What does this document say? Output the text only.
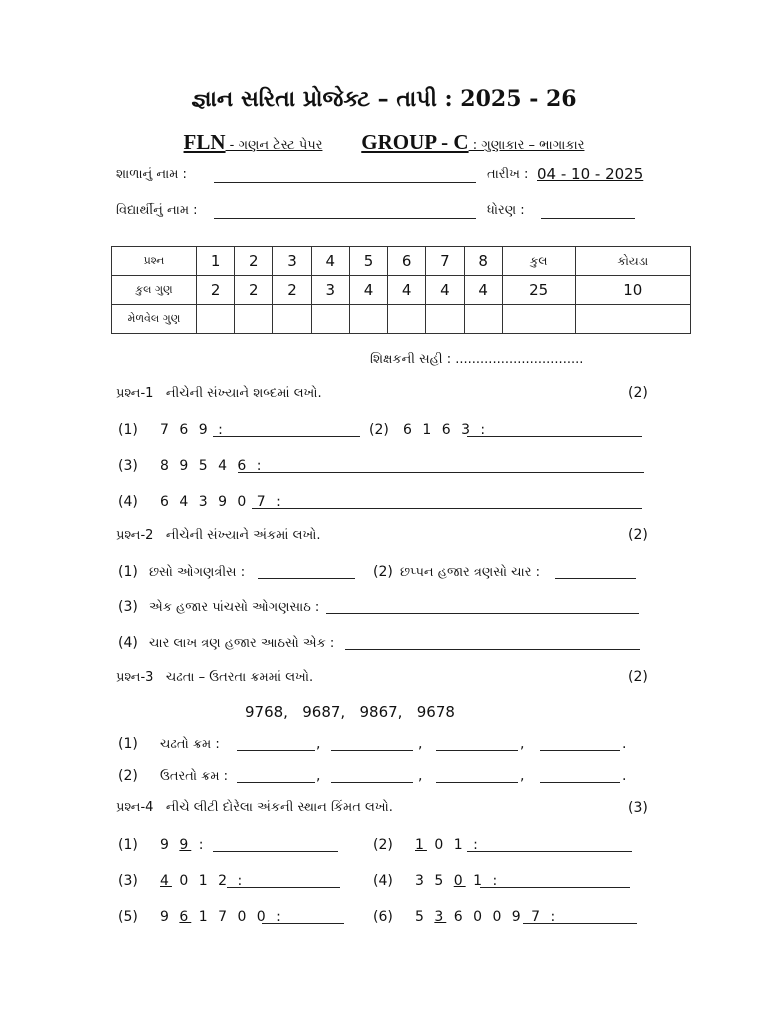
જ્ઞાન સરિતા પ્રોજેક્ટ – તાપી : 2025 - 26
FLN - ગણન ટેસ્ટ પેપર GROUP - C : ગુણાકાર – ભાગાકાર
શાળાનું નામ :	તારીખ : 04 - 10 - 2025
વિદ્યાર્થીનું નામ :	ધોરણ :
પ્રશ્ન	1	2	3	4	5	6	7	8	કુલ	કોયડા
કુલ ગુણ	2	2	2	3	4	4	4	4	25	10
મેળવેલ ગુણ										
શિક્ષકની સહી : ...............................
પ્રશ્ન-1 નીચેની સંખ્યાને શબ્દમાં લખો.	(2)
(1) 7 6 9 :	(2) 6 1 6 3 :
(3) 8 9 5 4 6 :
(4) 6 4 3 9 0 7 :
પ્રશ્ન-2 નીચેની સંખ્યાને અંકમાં લખો.	(2)
(1) છસો ઓગણત્રીસ :	(2) છપ્પન હજાર ત્રણસો ચાર :
(3) એક હજાર પાંચસો ઓગણસાઠ :
(4) ચાર લાખ ત્રણ હજાર આઠસો એક :
પ્રશ્ન-3 ચઢતા – ઉતરતા ક્રમમાં લખો.	(2)
9768,   9687,   9867,   9678
(1) ચઢતો ક્રમ :	,	,	,	.
(2) ઉતરતો ક્રમ :	,	,	,	.
પ્રશ્ન-4 નીચે લીટી દોરેલા અંકની સ્થાન કિંમત લખો.	(3)
(1) 9 9 :	(2) 1 0 1 :
(3) 4 0 1 2 :	(4) 3 5 0 1 :
(5) 9 6 1 7 0 0 :	(6) 5 3 6 0 0 9 7 :
